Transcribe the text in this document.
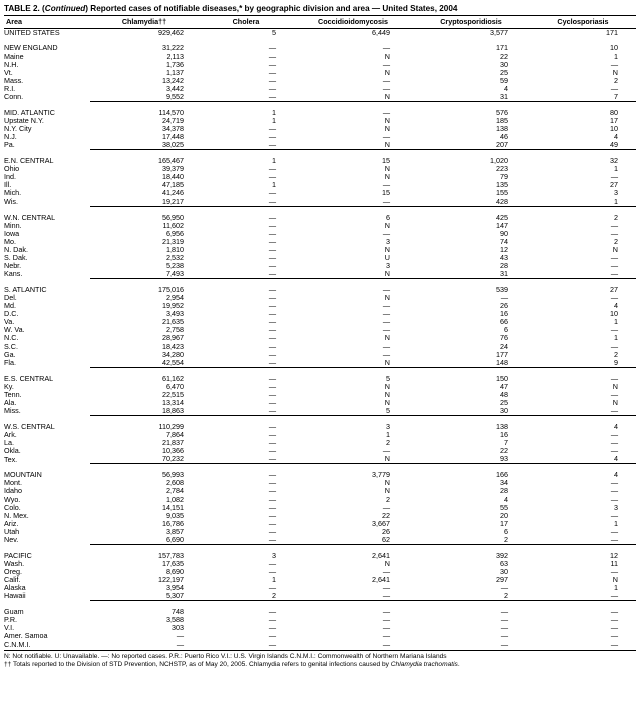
TABLE 2. (Continued) Reported cases of notifiable diseases,* by geographic division and area — United States, 2004
Area	Chlamydia††	Cholera	Coccidioidomycosis	Cryptosporidiosis	Cyclosporiasis
UNITED STATES	929,462	5	6,449	3,577	171

NEW ENGLAND	31,222	—	—	171	10
Maine	2,113	—	N	22	1
N.H.	1,736	—	—	30	—
Vt.	1,137	—	N	25	N
Mass.	13,242	—	—	59	2
R.I.	3,442	—	—	4	—
Conn.	9,552	—	N	31	7

MID. ATLANTIC	114,570	1	—	576	80
Upstate N.Y.	24,719	1	N	185	17
N.Y. City	34,378	—	N	138	10
N.J.	17,448	—	—	46	4
Pa.	38,025	—	N	207	49

E.N. CENTRAL	165,467	1	15	1,020	32
Ohio	39,379	—	N	223	1
Ind.	18,440	—	N	79	—
Ill.	47,185	1	—	135	27
Mich.	41,246	—	15	155	3
Wis.	19,217	—	—	428	1

W.N. CENTRAL	56,950	—	6	425	2
Minn.	11,602	—	N	147	—
Iowa	6,956	—	—	90	—
Mo.	21,319	—	3	74	2
N. Dak.	1,810	—	N	12	N
S. Dak.	2,532	—	U	43	—
Nebr.	5,238	—	3	28	—
Kans.	7,493	—	N	31	—

S. ATLANTIC	175,016	—	—	539	27
Del.	2,954	—	N	—	—
Md.	19,952	—	—	26	4
D.C.	3,493	—	—	16	10
Va.	21,635	—	—	66	1
W. Va.	2,758	—	—	6	—
N.C.	28,967	—	N	76	1
S.C.	18,423	—	—	24	—
Ga.	34,280	—	—	177	2
Fla.	42,554	—	N	148	9

E.S. CENTRAL	61,162	—	5	150	—
Ky.	6,470	—	N	47	N
Tenn.	22,515	—	N	48	—
Ala.	13,314	—	N	25	N
Miss.	18,863	—	5	30	—

W.S. CENTRAL	110,299	—	3	138	4
Ark.	7,864	—	1	16	—
La.	21,837	—	2	7	—
Okla.	10,366	—	—	22	—
Tex.	70,232	—	N	93	4

MOUNTAIN	56,993	—	3,779	166	4
Mont.	2,608	—	N	34	—
Idaho	2,784	—	N	28	—
Wyo.	1,082	—	2	4	—
Colo.	14,151	—	—	55	3
N. Mex.	9,035	—	22	20	—
Ariz.	16,786	—	3,667	17	1
Utah	3,857	—	26	6	—
Nev.	6,690	—	62	2	—

PACIFIC	157,783	3	2,641	392	12
Wash.	17,635	—	N	63	11
Oreg.	8,690	—	—	30	—
Calif.	122,197	1	2,641	297	N
Alaska	3,954	—	—	—	1
Hawaii	5,307	2	—	2	—

Guam	748	—	—	—	—
P.R.	3,588	—	—	—	—
V.I.	303	—	—	—	—
Amer. Samoa	—	—	—	—	—
C.N.M.I.	—	—	—	—	—
N: Not notifiable. U: Unavailable. —: No reported cases. P.R.: Puerto Rico V.I.: U.S. Virgin Islands C.N.M.I.: Commonwealth of Northern Mariana Islands
†† Totals reported to the Division of STD Prevention, NCHSTP, as of May 20, 2005. Chlamydia refers to genital infections caused by Chlamydia trachomatis.
